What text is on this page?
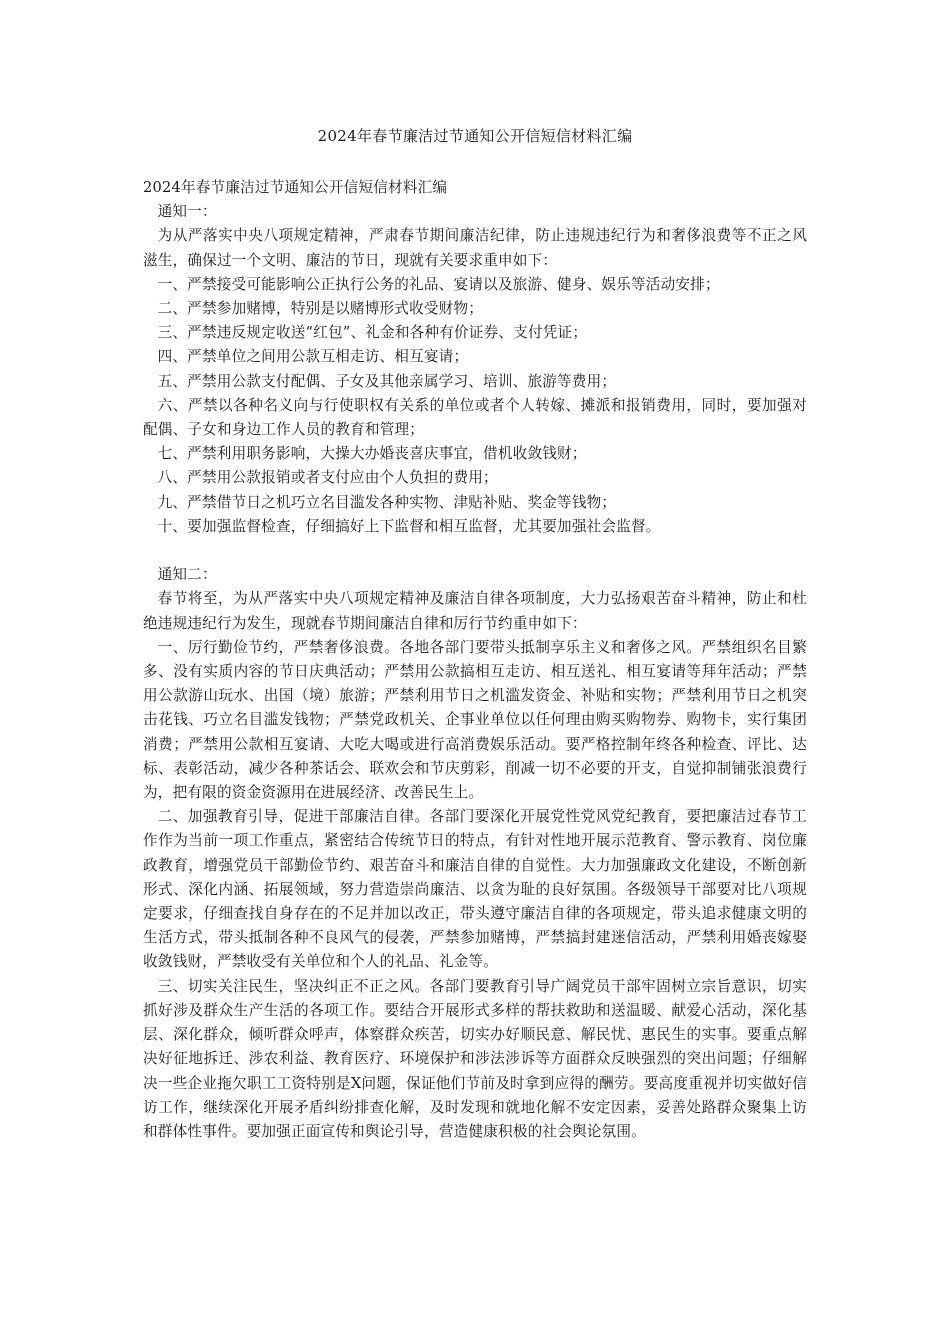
2024年春节廉洁过节通知公开信短信材料汇编

2024年春节廉洁过节通知公开信短信材料汇编

通知一：

为从严落实中央八项规定精神，严肃春节期间廉洁纪律，防止违规违纪行为和奢侈浪费等不正之风滋生，确保过一个文明、廉洁的节日，现就有关要求重申如下：

一、严禁接受可能影响公正执行公务的礼品、宴请以及旅游、健身、娱乐等活动安排；

二、严禁参加赌博，特别是以赌博形式收受财物；

三、严禁违反规定收送“红包”、礼金和各种有价证券、支付凭证；

四、严禁单位之间用公款互相走访、相互宴请；

五、严禁用公款支付配偶、子女及其他亲属学习、培训、旅游等费用；

六、严禁以各种名义向与行使职权有关系的单位或者个人转嫁、摊派和报销费用，同时，要加强对配偶、子女和身边工作人员的教育和管理；

七、严禁利用职务影响，大操大办婚丧喜庆事宜，借机收敛钱财；

八、严禁用公款报销或者支付应由个人负担的费用；

九、严禁借节日之机巧立名目滥发各种实物、津贴补贴、奖金等钱物；

十、要加强监督检查，仔细搞好上下监督和相互监督，尤其要加强社会监督。

通知二：

春节将至，为从严落实中央八项规定精神及廉洁自律各项制度，大力弘扬艰苦奋斗精神，防止和杜绝违规违纪行为发生，现就春节期间廉洁自律和厉行节约重申如下：

一、厉行勤俭节约，严禁奢侈浪费。各地各部门要带头抵制享乐主义和奢侈之风。严禁组织名目繁多、没有实质内容的节日庆典活动；严禁用公款搞相互走访、相互送礼、相互宴请等拜年活动；严禁用公款游山玩水、出国（境）旅游；严禁利用节日之机滥发资金、补贴和实物；严禁利用节日之机突击花钱、巧立名目滥发钱物；严禁党政机关、企事业单位以任何理由购买购物券、购物卡，实行集团消费；严禁用公款相互宴请、大吃大喝或进行高消费娱乐活动。要严格控制年终各种检查、评比、达标、表彰活动，减少各种茶话会、联欢会和节庆剪彩，削减一切不必要的开支，自觉抑制铺张浪费行为，把有限的资金资源用在进展经济、改善民生上。

二、加强教育引导，促进干部廉洁自律。各部门要深化开展党性党风党纪教育，要把廉洁过春节工作作为当前一项工作重点，紧密结合传统节日的特点，有针对性地开展示范教育、警示教育、岗位廉政教育，增强党员干部勤俭节约、艰苦奋斗和廉洁自律的自觉性。大力加强廉政文化建设，不断创新形式、深化内涵、拓展领域，努力营造崇尚廉洁、以贪为耻的良好氛围。各级领导干部要对比八项规定要求，仔细查找自身存在的不足并加以改正，带头遵守廉洁自律的各项规定，带头追求健康文明的生活方式，带头抵制各种不良风气的侵袭，严禁参加赌博，严禁搞封建迷信活动，严禁利用婚丧嫁娶收敛钱财，严禁收受有关单位和个人的礼品、礼金等。

三、切实关注民生，坚决纠正不正之风。各部门要教育引导广阔党员干部牢固树立宗旨意识，切实抓好涉及群众生产生活的各项工作。要结合开展形式多样的帮扶救助和送温暖、献爱心活动，深化基层、深化群众，倾听群众呼声，体察群众疾苦，切实办好顺民意、解民忧、惠民生的实事。要重点解决好征地拆迁、涉农利益、教育医疗、环境保护和涉法涉诉等方面群众反映强烈的突出问题；仔细解决一些企业拖欠职工工资特别是X问题，保证他们节前及时拿到应得的酬劳。要高度重视并切实做好信访工作，继续深化开展矛盾纠纷排查化解，及时发现和就地化解不安定因素，妥善处路群众聚集上访和群体性事件。要加强正面宣传和舆论引导，营造健康积极的社会舆论氛围。
